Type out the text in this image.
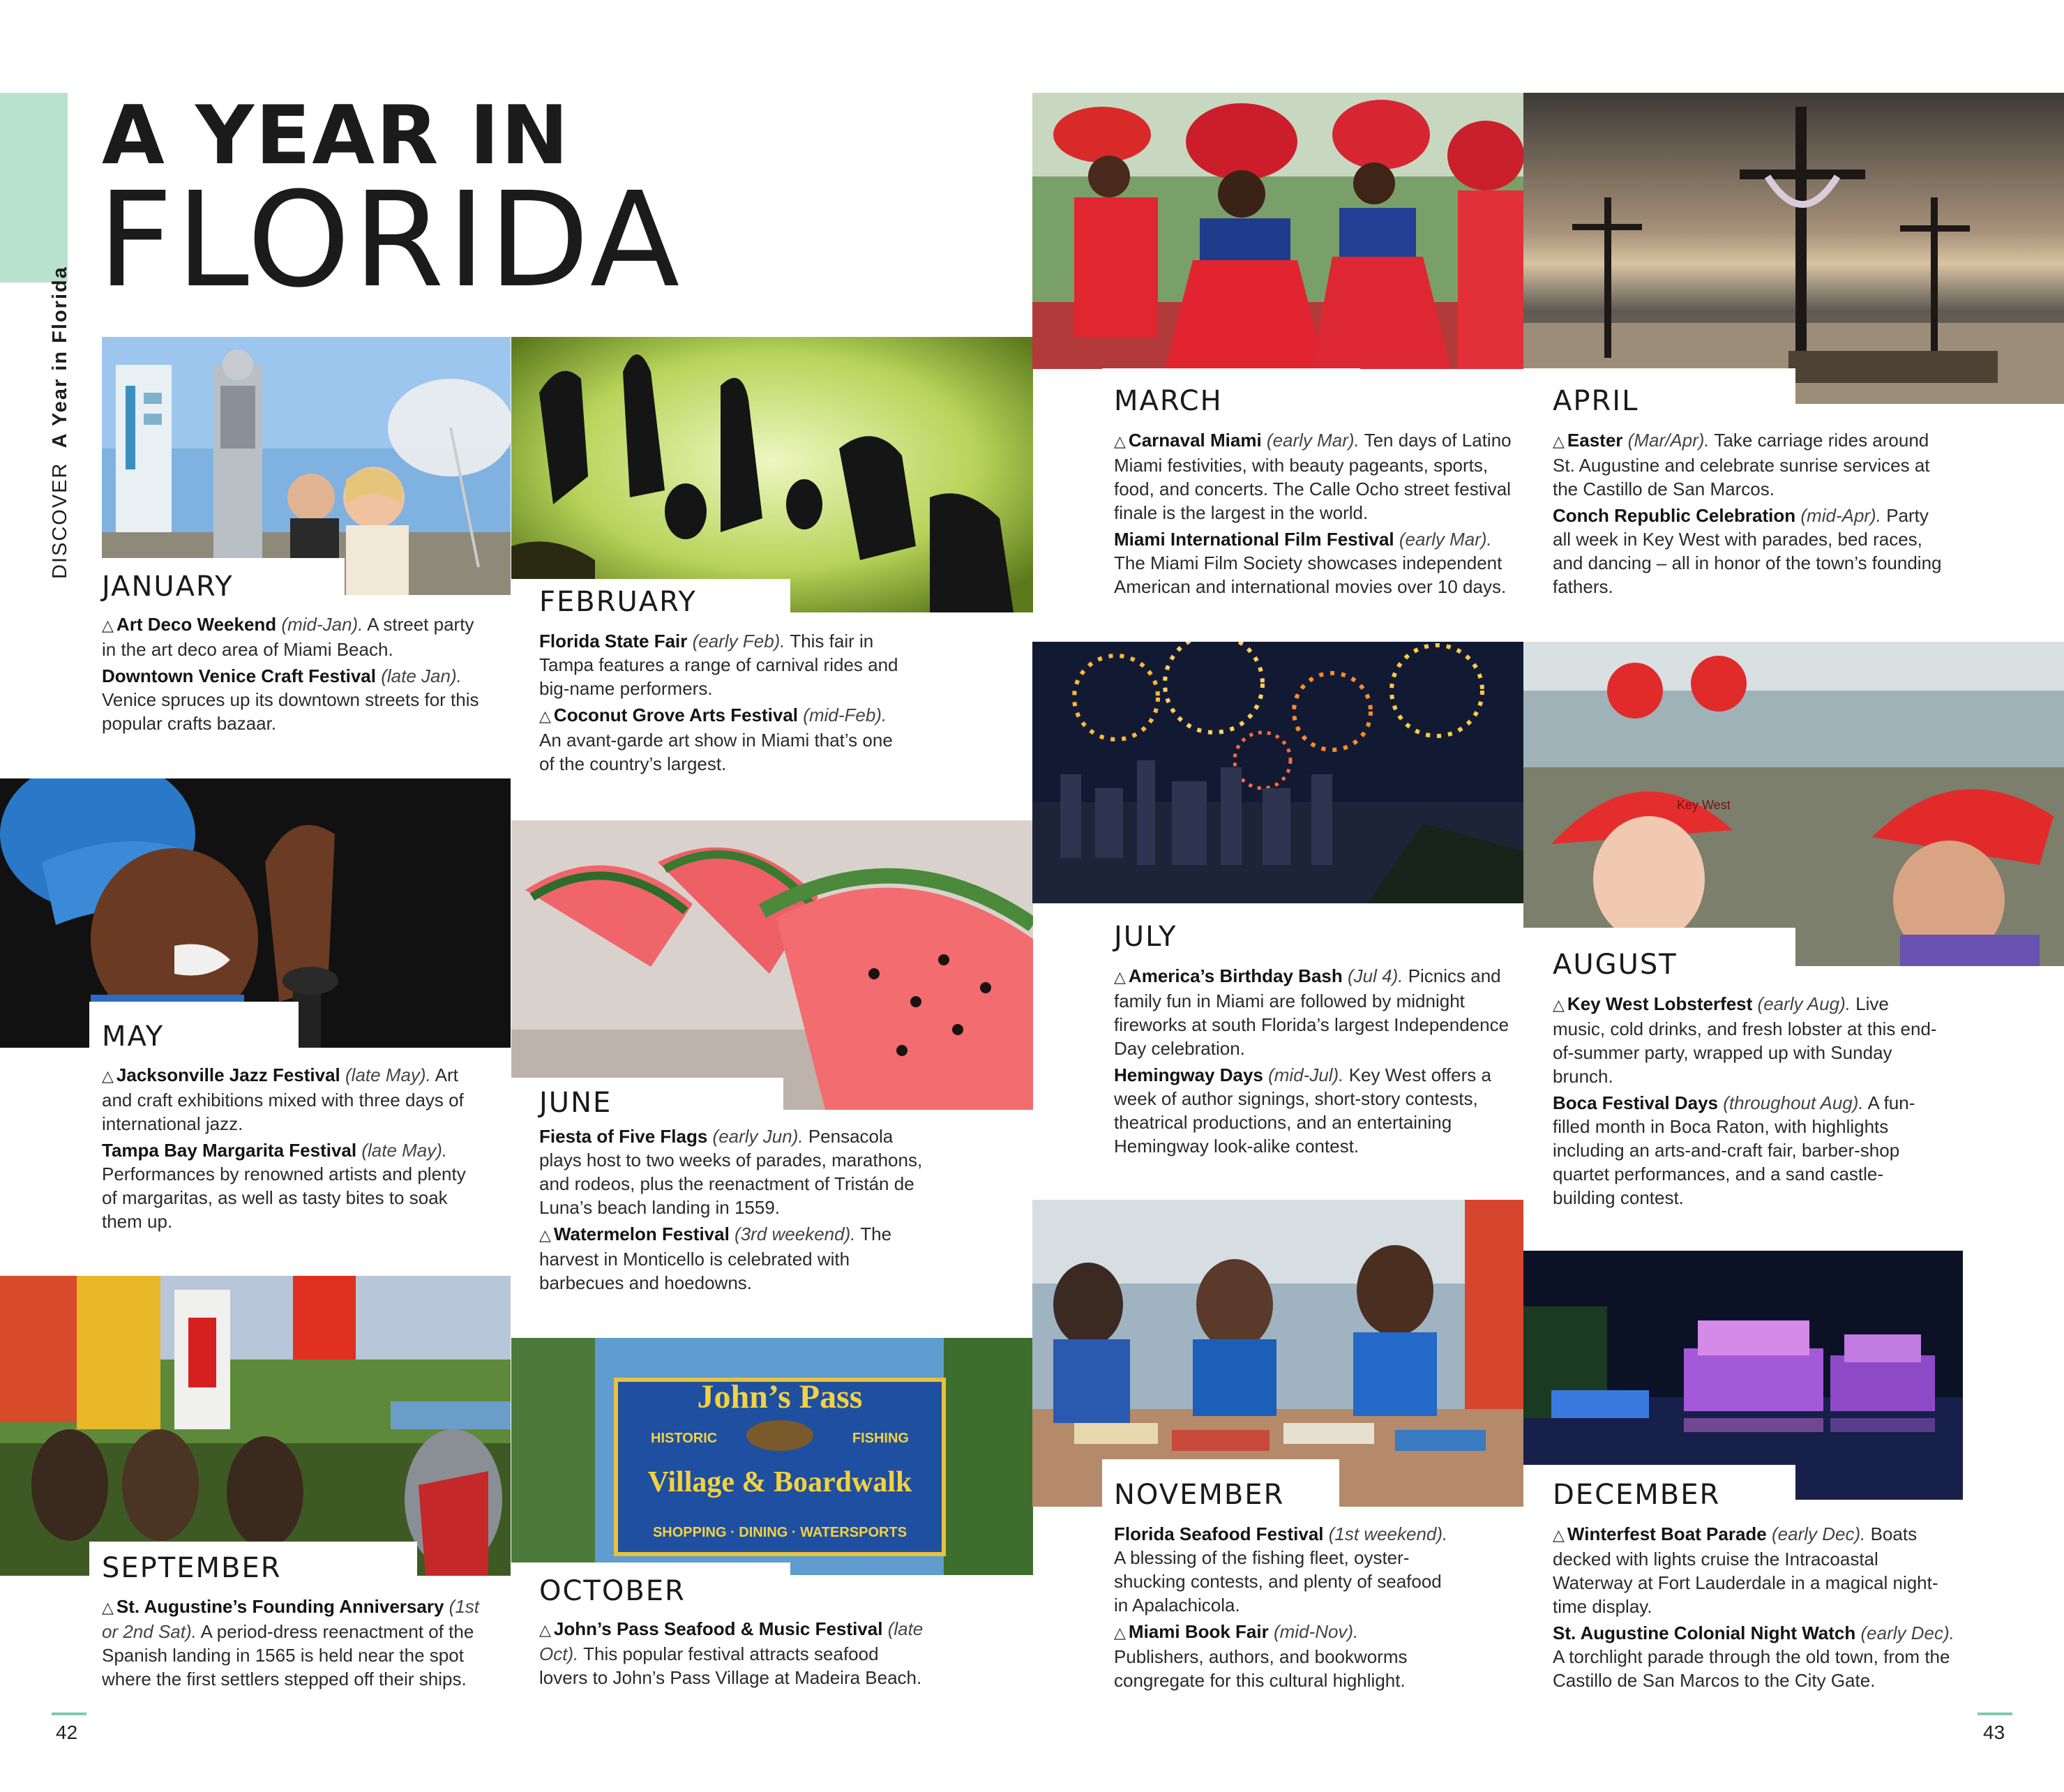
A YEAR IN
FLORIDA
DISCOVER  A Year in Florida
Key West
John’s Pass
HISTORIC	FISHING
Village & Boardwalk
SHOPPING · DINING · WATERSPORTS
JANUARY

△ Art Deco Weekend (mid-Jan). A street party in the art deco area of Miami Beach.

Downtown Venice Craft Festival (late Jan). Venice spruces up its downtown streets for this popular crafts bazaar.

FEBRUARY

Florida State Fair (early Feb). This fair in Tampa features a range of carnival rides and big-name performers.

△ Coconut Grove Arts Festival (mid-Feb). An avant-garde art show in Miami that’s one of the country’s largest.

MARCH

△ Carnaval Miami (early Mar). Ten days of Latino Miami festivities, with beauty pageants, sports, food, and concerts. The Calle Ocho street festival finale is the largest in the world.

Miami International Film Festival (early Mar). The Miami Film Society showcases independent American and international movies over 10 days.

APRIL

△ Easter (Mar/Apr). Take carriage rides around St. Augustine and celebrate sunrise services at the Castillo de San Marcos.

Conch Republic Celebration (mid-Apr). Party all week in Key West with parades, bed races, and dancing – all in honor of the town’s founding fathers.

MAY

△ Jacksonville Jazz Festival (late May). Art and craft exhibitions mixed with three days of international jazz.

Tampa Bay Margarita Festival (late May). Performances by renowned artists and plenty of margaritas, as well as tasty bites to soak them up.

JUNE

Fiesta of Five Flags (early Jun). Pensacola plays host to two weeks of parades, marathons, and rodeos, plus the reenactment of Tristán de Luna’s beach landing in 1559.

△ Watermelon Festival (3rd weekend). The harvest in Monticello is celebrated with barbecues and hoedowns.

JULY

△ America’s Birthday Bash (Jul 4). Picnics and family fun in Miami are followed by midnight fireworks at south Florida’s largest Independence Day celebration.

Hemingway Days (mid-Jul). Key West offers a week of author signings, short-story contests, theatrical productions, and an entertaining Hemingway look-alike contest.

AUGUST

△ Key West Lobsterfest (early Aug). Live music, cold drinks, and fresh lobster at this end-of-summer party, wrapped up with Sunday brunch.

Boca Festival Days (throughout Aug). A fun-filled month in Boca Raton, with highlights including an arts-and-craft fair, barber-shop quartet performances, and a sand castle-building contest.

SEPTEMBER

△ St. Augustine’s Founding Anniversary (1st or 2nd Sat). A period-dress reenactment of the Spanish landing in 1565 is held near the spot where the first settlers stepped off their ships.

OCTOBER

△ John’s Pass Seafood & Music Festival (late Oct). This popular festival attracts seafood lovers to John’s Pass Village at Madeira Beach.

NOVEMBER

Florida Seafood Festival (1st weekend). A blessing of the fishing fleet, oyster-shucking contests, and plenty of seafood in Apalachicola.

△ Miami Book Fair (mid-Nov). Publishers, authors, and bookworms congregate for this cultural highlight.

DECEMBER

△ Winterfest Boat Parade (early Dec). Boats decked with lights cruise the Intracoastal Waterway at Fort Lauderdale in a magical night-time display.

St. Augustine Colonial Night Watch (early Dec). A torchlight parade through the old town, from the Castillo de San Marcos to the City Gate.

42	43
